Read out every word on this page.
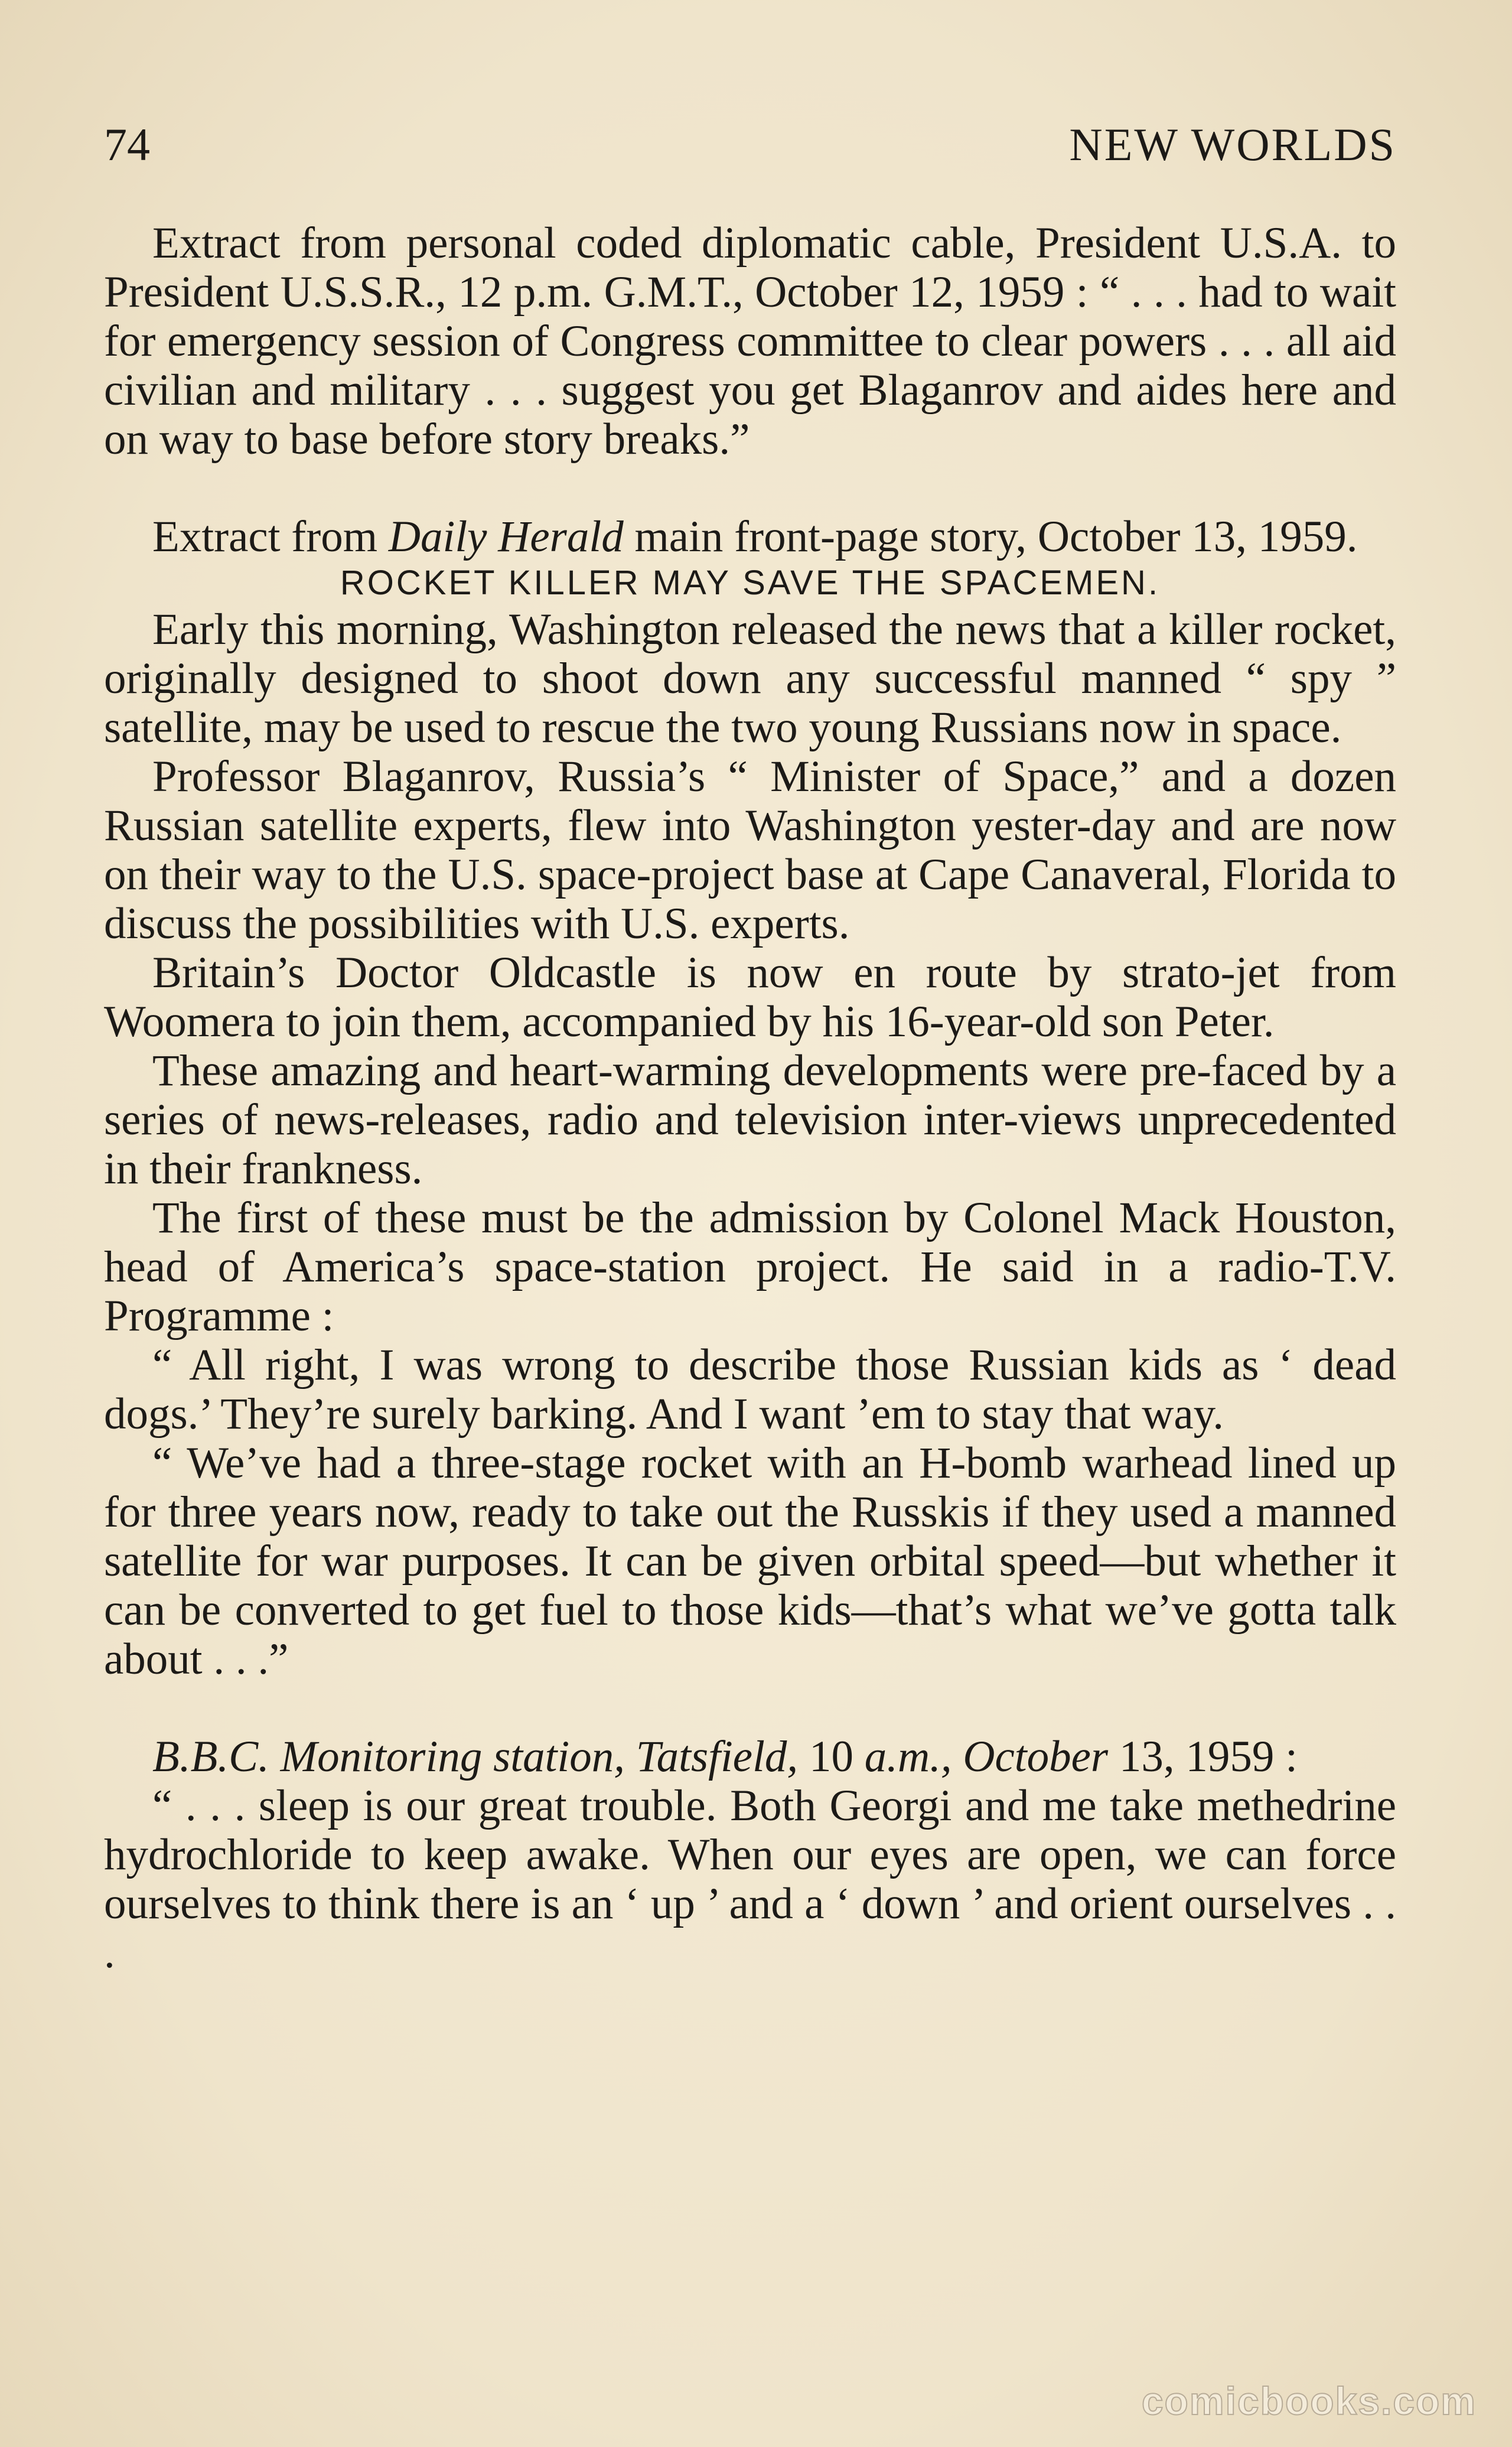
74	NEW WORLDS

Extract from personal coded diplomatic cable, President U.S.A. to President U.S.S.R., 12 p.m. G.M.T., October 12, 1959 : “ . . . had to wait for emergency session of Congress committee to clear powers . . . all aid civilian and military . . . suggest you get Blaganrov and aides here and on way to base before story breaks.”

Extract from Daily Herald main front-page story, October 13, 1959.

ROCKET KILLER MAY SAVE THE SPACEMEN.

Early this morning, Washington released the news that a killer rocket, originally designed to shoot down any successful manned “ spy ” satellite, may be used to rescue the two young Russians now in space.

Professor Blaganrov, Russia’s “ Minister of Space,” and a dozen Russian satellite experts, flew into Washington yester-day and are now on their way to the U.S. space-project base at Cape Canaveral, Florida to discuss the possibilities with U.S. experts.

Britain’s Doctor Oldcastle is now en route by strato-jet from Woomera to join them, accompanied by his 16-year-old son Peter.

These amazing and heart-warming developments were pre-faced by a series of news-releases, radio and television inter-views unprecedented in their frankness.

The first of these must be the admission by Colonel Mack Houston, head of America’s space-station project. He said in a radio-T.V. Programme :

“ All right, I was wrong to describe those Russian kids as ‘ dead dogs.’ They’re surely barking. And I want ’em to stay that way.

“ We’ve had a three-stage rocket with an H-bomb warhead lined up for three years now, ready to take out the Russkis if they used a manned satellite for war purposes. It can be given orbital speed—but whether it can be converted to get fuel to those kids—that’s what we’ve gotta talk about . . .”

B.B.C. Monitoring station, Tatsfield, 10 a.m., October 13, 1959 :

“ . . . sleep is our great trouble. Both Georgi and me take methedrine hydrochloride to keep awake. When our eyes are open, we can force ourselves to think there is an ‘ up ’ and a ‘ down ’ and orient ourselves . . .

comicbooks.com
